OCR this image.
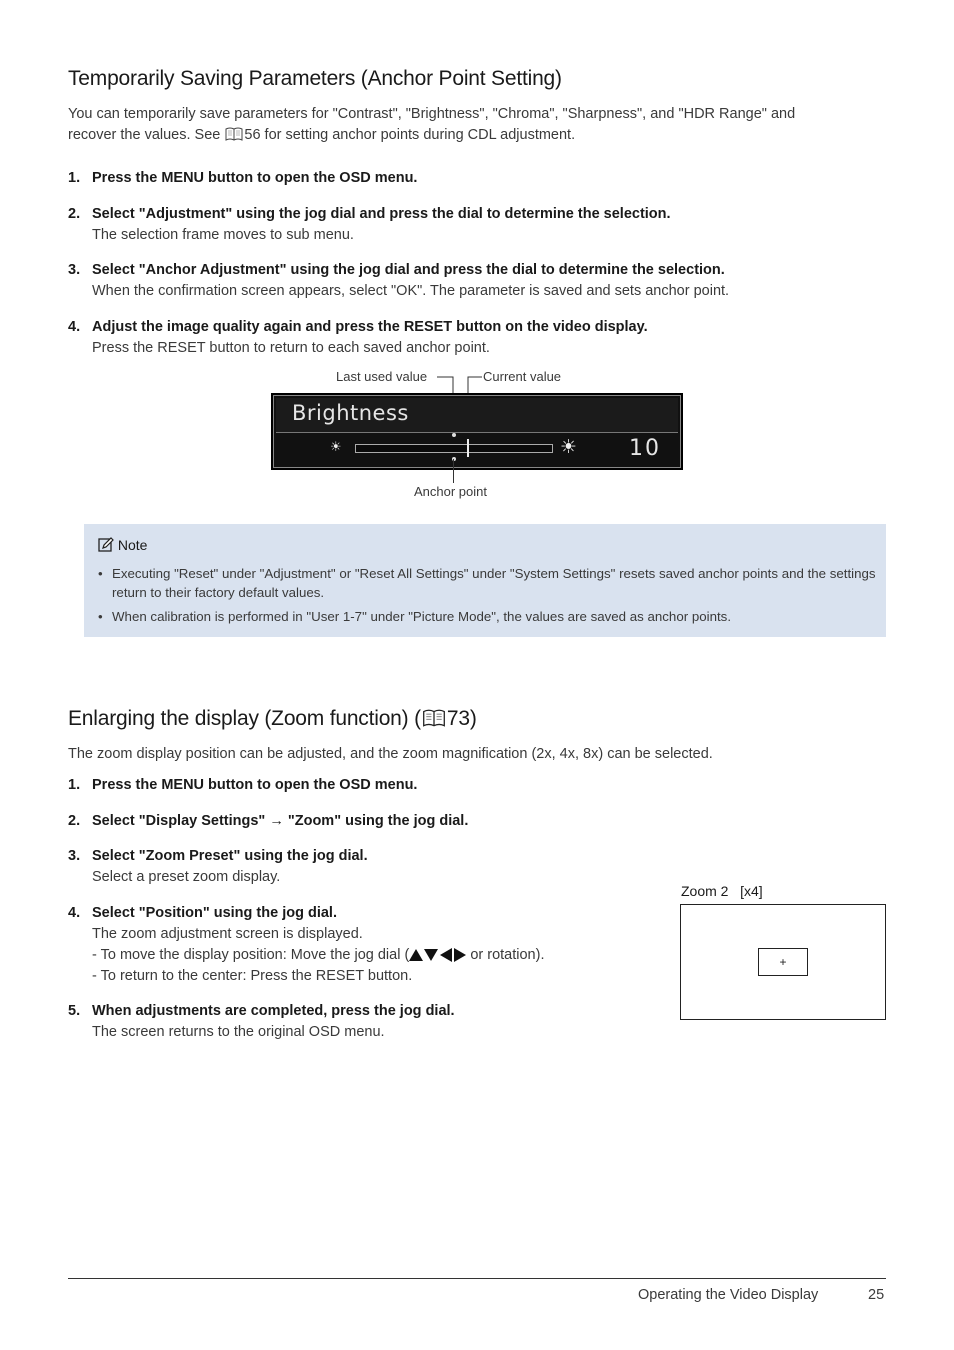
Temporarily Saving Parameters (Anchor Point Setting)
You can temporarily save parameters for "Contrast", "Brightness", "Chroma", "Sharpness", and "HDR Range" and
recover the values. See 56 for setting anchor points during CDL adjustment.
1. Press the MENU button to open the OSD menu.
2. Select "Adjustment" using the jog dial and press the dial to determine the selection.
The selection frame moves to sub menu.
3. Select "Anchor Adjustment" using the jog dial and press the dial to determine the selection.
When the confirmation screen appears, select "OK". The parameter is saved and sets anchor point.
4. Adjust the image quality again and press the RESET button on the video display.
Press the RESET button to return to each saved anchor point.
Last used value	Current value
Brightness
☀	☀ 10
Anchor point
Note
• Executing "Reset" under "Adjustment" or "Reset All Settings" under "System Settings" resets saved anchor points and the settings return to their factory default values.
• When calibration is performed in "User 1-7" under "Picture Mode", the values are saved as anchor points.
Enlarging the display (Zoom function) ( 73)
The zoom display position can be adjusted, and the zoom magnification (2x, 4x, 8x) can be selected.
1. Press the MENU button to open the OSD menu.
2. Select "Display Settings" → "Zoom" using the jog dial.
3. Select "Zoom Preset" using the jog dial.
Select a preset zoom display.
4. Select "Position" using the jog dial.
The zoom adjustment screen is displayed.
- To move the display position: Move the jog dial (	or rotation).
- To return to the center: Press the RESET button.
5. When adjustments are completed, press the jog dial.
The screen returns to the original OSD menu.
Zoom 2   [x4]
+
Operating the Video Display	25
